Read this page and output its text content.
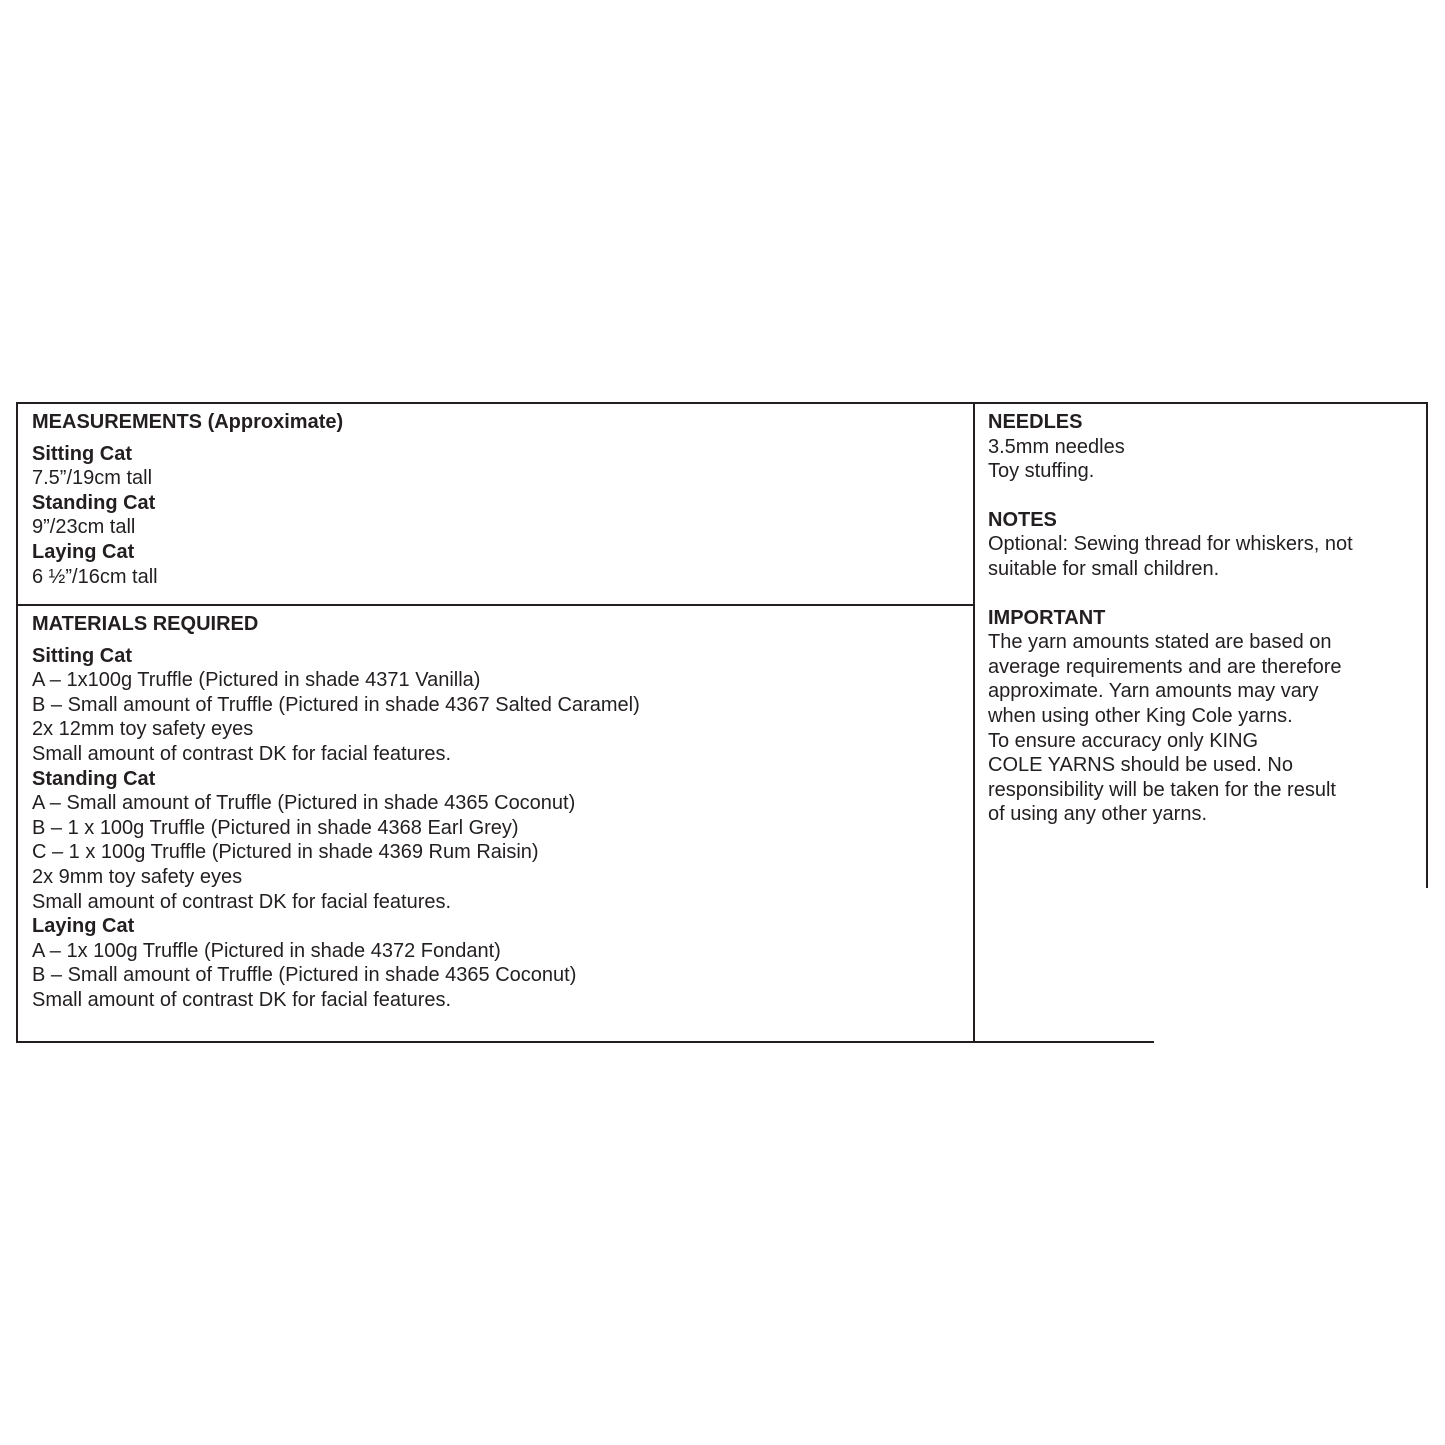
MEASUREMENTS (Approximate)
Sitting Cat
7.5”/19cm tall
Standing Cat
9”/23cm tall
Laying Cat
6 ½”/16cm tall
MATERIALS REQUIRED
Sitting Cat
A – 1x100g Truffle (Pictured in shade 4371 Vanilla)
B – Small amount of Truffle (Pictured in shade 4367 Salted Caramel)
2x 12mm toy safety eyes
Small amount of contrast DK for facial features.
Standing Cat
A – Small amount of Truffle (Pictured in shade 4365 Coconut)
B – 1 x 100g Truffle (Pictured in shade 4368 Earl Grey)
C – 1 x 100g Truffle (Pictured in shade 4369 Rum Raisin)
2x 9mm toy safety eyes
Small amount of contrast DK for facial features.
Laying Cat
A – 1x 100g Truffle (Pictured in shade 4372 Fondant)
B – Small amount of Truffle (Pictured in shade 4365 Coconut)
Small amount of contrast DK for facial features.
NEEDLES
3.5mm needles
Toy stuffing.
NOTES
Optional: Sewing thread for whiskers, not
suitable for small children.
IMPORTANT
The yarn amounts stated are based on
average requirements and are therefore
approximate. Yarn amounts may vary
when using other King Cole yarns.
To ensure accuracy only KING
COLE YARNS should be used. No
responsibility will be taken for the result
of using any other yarns.
